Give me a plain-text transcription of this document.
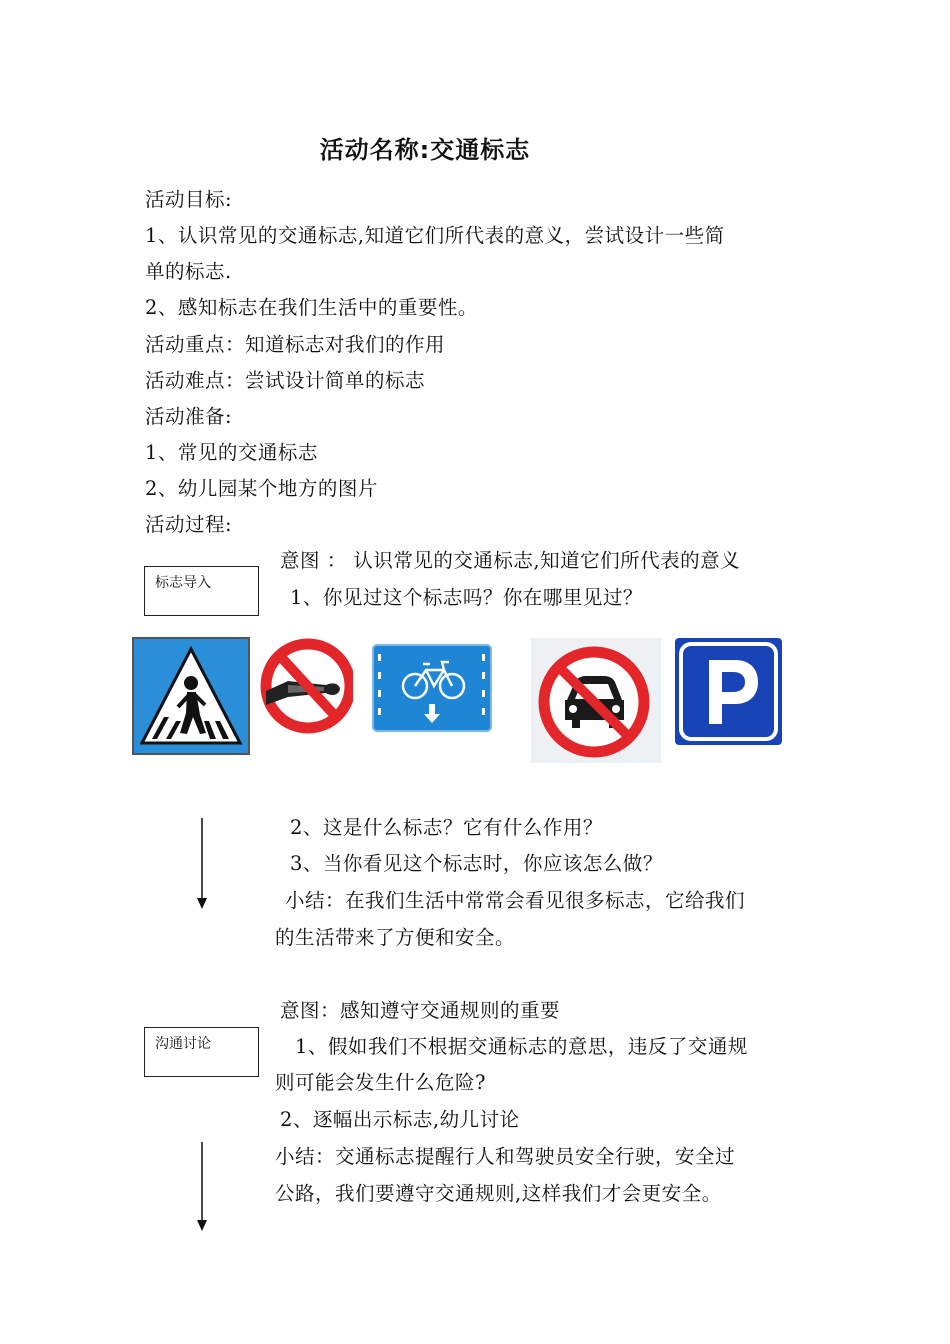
活动名称:交通标志
活动目标:
1、认识常见的交通标志,知道它们所代表的意义，尝试设计一些简
单的标志.
2、感知标志在我们生活中的重要性。
活动重点：知道标志对我们的作用
活动难点：尝试设计简单的标志
活动准备:
1、常见的交通标志
2、幼儿园某个地方的图片
活动过程:
标志导入
意图 ： 认识常见的交通标志,知道它们所代表的意义
1、你见过这个标志吗？你在哪里见过？
2、这是什么标志？它有什么作用？
3、当你看见这个标志时，你应该怎么做？
小结：在我们生活中常常会看见很多标志，它给我们
的生活带来了方便和安全。
意图：感知遵守交通规则的重要
沟通讨论	1、假如我们不根据交通标志的意思，违反了交通规
则可能会发生什么危险?
2、逐幅出示标志,幼儿讨论
小结：交通标志提醒行人和驾驶员安全行驶，安全过
公路，我们要遵守交通规则,这样我们才会更安全。
